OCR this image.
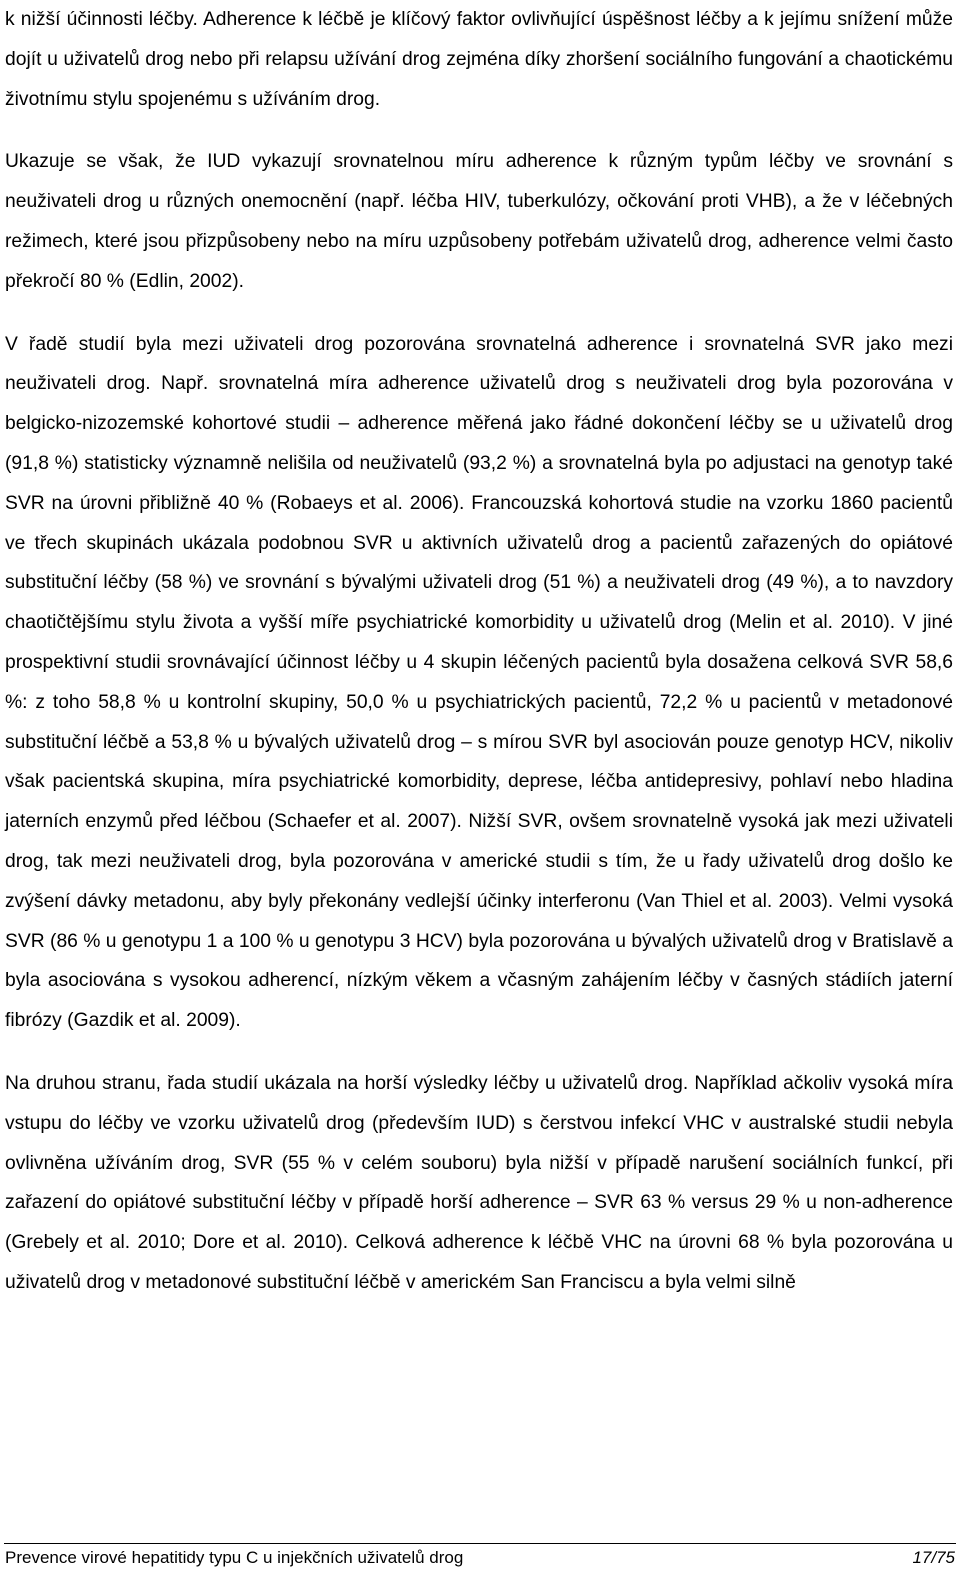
k nižší účinnosti léčby. Adherence k léčbě je klíčový faktor ovlivňující úspěšnost léčby a k jejímu snížení může dojít u uživatelů drog nebo při relapsu užívání drog zejména díky zhoršení sociálního fungování a chaotickému životnímu stylu spojenému s užíváním drog.

Ukazuje se však, že IUD vykazují srovnatelnou míru adherence k různým typům léčby ve srovnání s neuživateli drog u různých onemocnění (např. léčba HIV, tuberkulózy, očkování proti VHB), a že v léčebných režimech, které jsou přizpůsobeny nebo na míru uzpůsobeny potřebám uživatelů drog, adherence velmi často překročí 80 % (Edlin, 2002).

V řadě studií byla mezi uživateli drog pozorována srovnatelná adherence i srovnatelná SVR jako mezi neuživateli drog. Např. srovnatelná míra adherence uživatelů drog s neuživateli drog byla pozorována v belgicko-nizozemské kohortové studii – adherence měřená jako řádné dokončení léčby se u uživatelů drog (91,8 %) statisticky významně nelišila od neuživatelů (93,2 %) a srovnatelná byla po adjustaci na genotyp také SVR na úrovni přibližně 40 % (Robaeys et al. 2006). Francouzská kohortová studie na vzorku 1860 pacientů ve třech skupinách ukázala podobnou SVR u aktivních uživatelů drog a pacientů zařazených do opiátové substituční léčby (58 %) ve srovnání s bývalými uživateli drog (51 %) a neuživateli drog (49 %), a to navzdory chaotičtějšímu stylu života a vyšší míře psychiatrické komorbidity u uživatelů drog (Melin et al. 2010). V jiné prospektivní studii srovnávající účinnost léčby u 4 skupin léčených pacientů byla dosažena celková SVR 58,6 %: z toho 58,8 % u kontrolní skupiny, 50,0 % u psychiatrických pacientů, 72,2 % u pacientů v metadonové substituční léčbě a 53,8 % u bývalých uživatelů drog – s mírou SVR byl asociován pouze genotyp HCV, nikoliv však pacientská skupina, míra psychiatrické komorbidity, deprese, léčba antidepresivy, pohlaví nebo hladina jaterních enzymů před léčbou (Schaefer et al. 2007). Nižší SVR, ovšem srovnatelně vysoká jak mezi uživateli drog, tak mezi neuživateli drog, byla pozorována v americké studii s tím, že u řady uživatelů drog došlo ke zvýšení dávky metadonu, aby byly překonány vedlejší účinky interferonu (Van Thiel et al. 2003). Velmi vysoká SVR (86 % u genotypu 1 a 100 % u genotypu 3 HCV) byla pozorována u bývalých uživatelů drog v Bratislavě a byla asociována s vysokou adherencí, nízkým věkem a včasným zahájením léčby v časných stádiích jaterní fibrózy (Gazdik et al. 2009).

Na druhou stranu, řada studií ukázala na horší výsledky léčby u uživatelů drog. Například ačkoliv vysoká míra vstupu do léčby ve vzorku uživatelů drog (především IUD) s čerstvou infekcí VHC v australské studii nebyla ovlivněna užíváním drog, SVR (55 % v celém souboru) byla nižší v případě narušení sociálních funkcí, při zařazení do opiátové substituční léčby v případě horší adherence – SVR 63 % versus 29 % u non-adherence (Grebely et al. 2010; Dore et al. 2010). Celková adherence k léčbě VHC na úrovni 68 % byla pozorována u uživatelů drog v metadonové substituční léčbě v americkém San Franciscu a byla velmi silně

Prevence virové hepatitidy typu C u injekčních uživatelů drog	17/75
